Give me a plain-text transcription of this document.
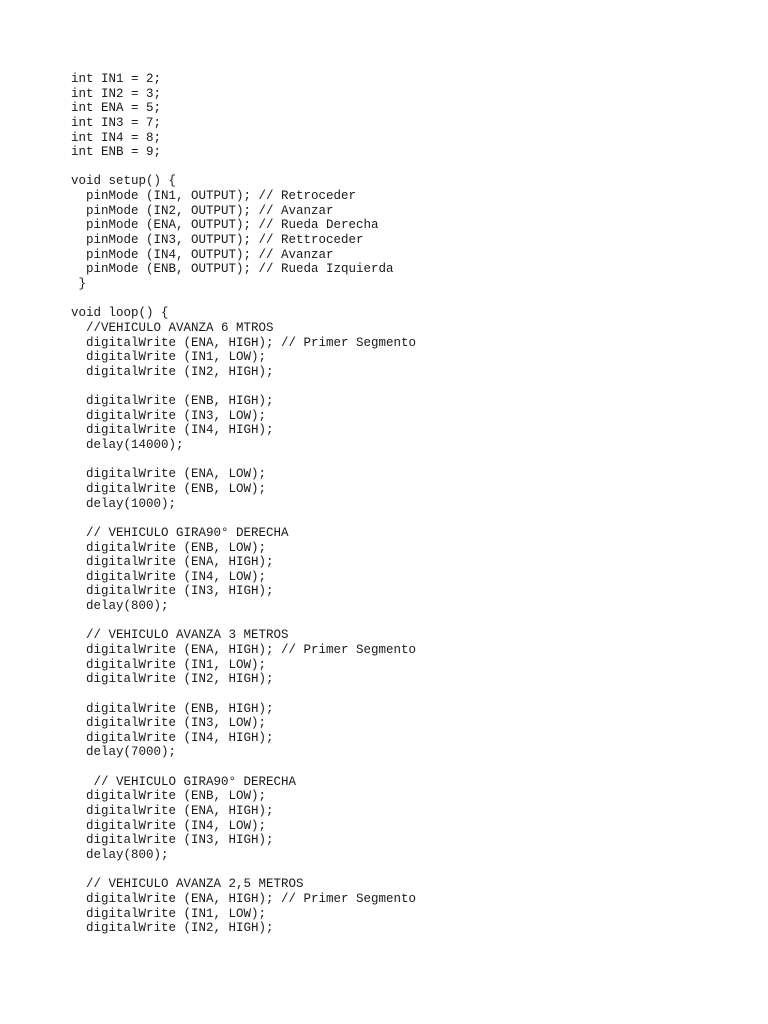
int IN1 = 2;
int IN2 = 3;
int ENA = 5;
int IN3 = 7;
int IN4 = 8;
int ENB = 9;
void setup() {
pinMode (IN1, OUTPUT); // Retroceder
pinMode (IN2, OUTPUT); // Avanzar
pinMode (ENA, OUTPUT); // Rueda Derecha
pinMode (IN3, OUTPUT); // Rettroceder
pinMode (IN4, OUTPUT); // Avanzar
pinMode (ENB, OUTPUT); // Rueda Izquierda
}
void loop() {
//VEHICULO AVANZA 6 MTROS
digitalWrite (ENA, HIGH); // Primer Segmento
digitalWrite (IN1, LOW);
digitalWrite (IN2, HIGH);
digitalWrite (ENB, HIGH);
digitalWrite (IN3, LOW);
digitalWrite (IN4, HIGH);
delay(14000);
digitalWrite (ENA, LOW);
digitalWrite (ENB, LOW);
delay(1000);
// VEHICULO GIRA90° DERECHA
digitalWrite (ENB, LOW);
digitalWrite (ENA, HIGH);
digitalWrite (IN4, LOW);
digitalWrite (IN3, HIGH);
delay(800);
// VEHICULO AVANZA 3 METROS
digitalWrite (ENA, HIGH); // Primer Segmento
digitalWrite (IN1, LOW);
digitalWrite (IN2, HIGH);
digitalWrite (ENB, HIGH);
digitalWrite (IN3, LOW);
digitalWrite (IN4, HIGH);
delay(7000);
// VEHICULO GIRA90° DERECHA
digitalWrite (ENB, LOW);
digitalWrite (ENA, HIGH);
digitalWrite (IN4, LOW);
digitalWrite (IN3, HIGH);
delay(800);
// VEHICULO AVANZA 2,5 METROS
digitalWrite (ENA, HIGH); // Primer Segmento
digitalWrite (IN1, LOW);
digitalWrite (IN2, HIGH);
